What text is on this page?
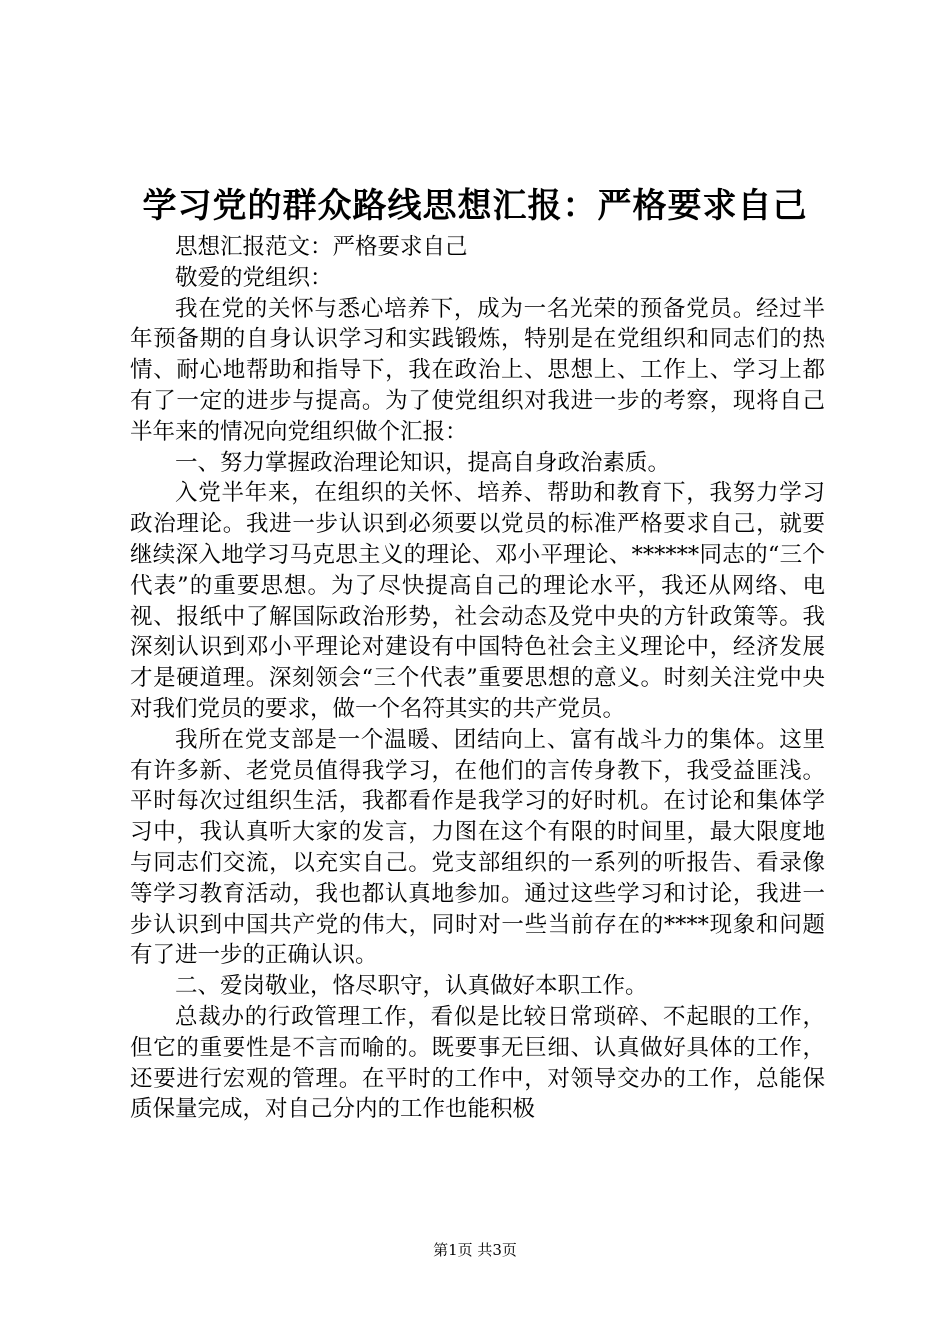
学习党的群众路线思想汇报：严格要求自己

思想汇报范文：严格要求自己

敬爱的党组织：

我在党的关怀与悉心培养下，成为一名光荣的预备党员。经过半年预备期的自身认识学习和实践锻炼，特别是在党组织和同志们的热情、耐心地帮助和指导下，我在政治上、思想上、工作上、学习上都有了一定的进步与提高。为了使党组织对我进一步的考察，现将自己半年来的情况向党组织做个汇报：

一、努力掌握政治理论知识，提高自身政治素质。

入党半年来，在组织的关怀、培养、帮助和教育下，我努力学习政治理论。我进一步认识到必须要以党员的标准严格要求自己，就要继续深入地学习马克思主义的理论、邓小平理论、******同志的“三个代表”的重要思想。为了尽快提高自己的理论水平，我还从网络、电视、报纸中了解国际政治形势，社会动态及党中央的方针政策等。我深刻认识到邓小平理论对建设有中国特色社会主义理论中，经济发展才是硬道理。深刻领会“三个代表”重要思想的意义。时刻关注党中央对我们党员的要求，做一个名符其实的共产党员。

我所在党支部是一个温暖、团结向上、富有战斗力的集体。这里有许多新、老党员值得我学习，在他们的言传身教下，我受益匪浅。平时每次过组织生活，我都看作是我学习的好时机。在讨论和集体学习中，我认真听大家的发言，力图在这个有限的时间里，最大限度地与同志们交流，以充实自己。党支部组织的一系列的听报告、看录像等学习教育活动，我也都认真地参加。通过这些学习和讨论，我进一步认识到中国共产党的伟大，同时对一些当前存在的****现象和问题有了进一步的正确认识。

二、爱岗敬业，恪尽职守，认真做好本职工作。

总裁办的行政管理工作，看似是比较日常琐碎、不起眼的工作，但它的重要性是不言而喻的。既要事无巨细、认真做好具体的工作，还要进行宏观的管理。在平时的工作中，对领导交办的工作，总能保质保量完成，对自己分内的工作也能积极

第1页 共3页
